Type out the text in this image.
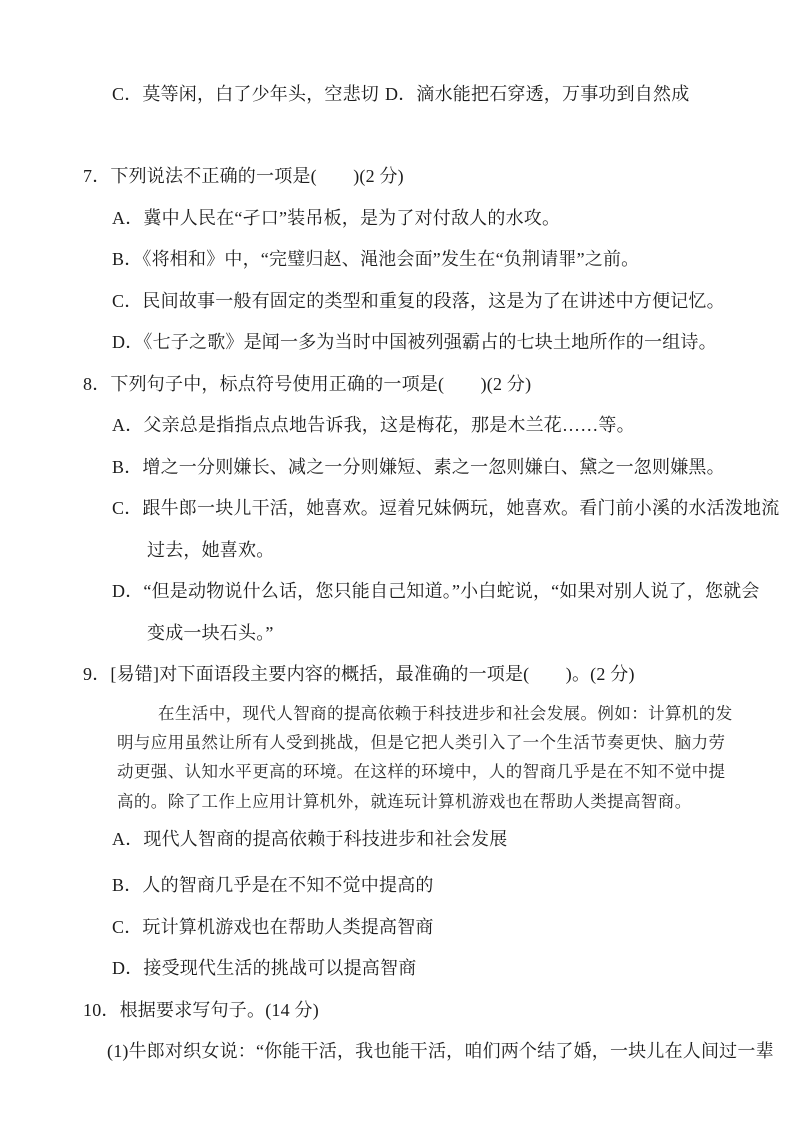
C．莫等闲，白了少年头，空悲切 D．滴水能把石穿透，万事功到自然成
7．下列说法不正确的一项是(　　)(2 分)
A．冀中人民在“孑口”装吊板，是为了对付敌人的水攻。
B．《将相和》中，“完璧归赵、渑池会面”发生在“负荆请罪”之前。
C．民间故事一般有固定的类型和重复的段落，这是为了在讲述中方便记忆。
D．《七子之歌》是闻一多为当时中国被列强霸占的七块土地所作的一组诗。
8．下列句子中，标点符号使用正确的一项是(　　)(2 分)
A．父亲总是指指点点地告诉我，这是梅花，那是木兰花……等。
B．增之一分则嫌长、减之一分则嫌短、素之一忽则嫌白、黛之一忽则嫌黑。
C．跟牛郎一块儿干活，她喜欢。逗着兄妹俩玩，她喜欢。看门前小溪的水活泼地流
过去，她喜欢。
D．“但是动物说什么话，您只能自己知道。”小白蛇说，“如果对别人说了，您就会
变成一块石头。”
9．[易错]对下面语段主要内容的概括，最准确的一项是(　　)。(2 分)
在生活中，现代人智商的提高依赖于科技进步和社会发展。例如：计算机的发
明与应用虽然让所有人受到挑战，但是它把人类引入了一个生活节奏更快、脑力劳
动更强、认知水平更高的环境。在这样的环境中，人的智商几乎是在不知不觉中提
高的。除了工作上应用计算机外，就连玩计算机游戏也在帮助人类提高智商。
A．现代人智商的提高依赖于科技进步和社会发展
B．人的智商几乎是在不知不觉中提高的
C．玩计算机游戏也在帮助人类提高智商
D．接受现代生活的挑战可以提高智商
10．根据要求写句子。(14 分)
(1)牛郎对织女说：“你能干活，我也能干活，咱们两个结了婚，一块儿在人间过一辈
